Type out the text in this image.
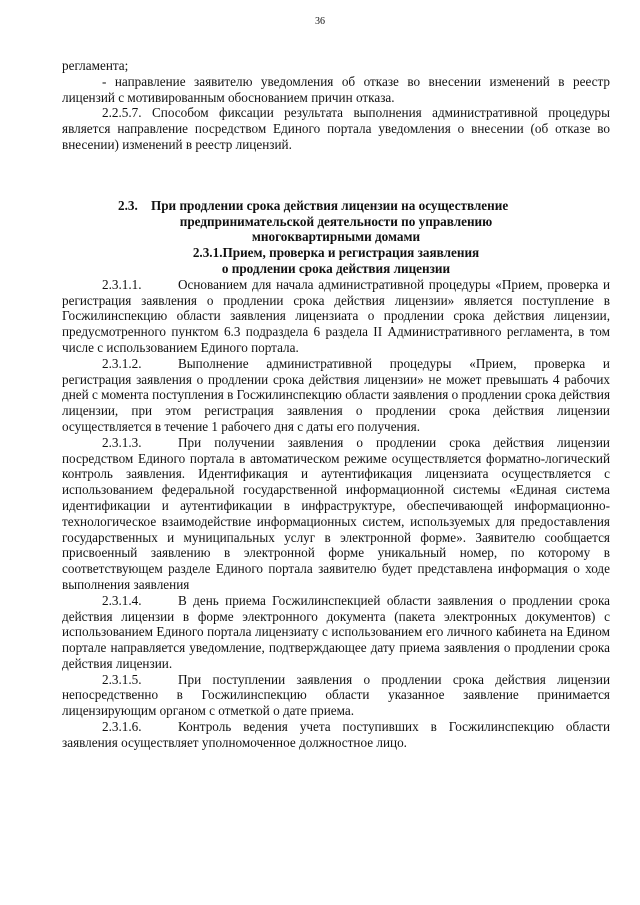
36

регламента;

- направление заявителю уведомления об отказе во внесении изменений в реестр лицензий с мотивированным обоснованием причин отказа.

2.2.5.7. Способом фиксации результата выполнения административной процедуры является направление посредством Единого портала уведомления о внесении (об отказе во внесении) изменений в реестр лицензий.

2.3. При продлении срока действия лицензии на осуществление
предпринимательской деятельности по управлению
многоквартирными домами
2.3.1.Прием, проверка и регистрация заявления
о продлении срока действия лицензии

2.3.1.1.	Основанием для начала административной процедуры «Прием, проверка и регистрация заявления о продлении срока действия лицензии» является поступление в Госжилинспекцию области заявления лицензиата о продлении срока действия лицензии, предусмотренного пунктом 6.3 подраздела 6 раздела II Административного регламента, в том числе с использованием Единого портала.

2.3.1.2.	Выполнение административной процедуры «Прием, проверка и регистрация заявления о продлении срока действия лицензии» не может превышать 4 рабочих дней с момента поступления в Госжилинспекцию области заявления о продлении срока действия лицензии, при этом регистрация заявления о продлении срока действия лицензии осуществляется в течение 1 рабочего дня с даты его получения.

2.3.1.3.	При получении заявления о продлении срока действия лицензии посредством Единого портала в автоматическом режиме осуществляется форматно-логический контроль заявления. Идентификация и аутентификация лицензиата осуществляется с использованием федеральной государственной информационной системы «Единая система идентификации и аутентификации в инфраструктуре, обеспечивающей информационно-технологическое взаимодействие информационных систем, используемых для предоставления государственных и муниципальных услуг в электронной форме». Заявителю сообщается присвоенный заявлению в электронной форме уникальный номер, по которому в соответствующем разделе Единого портала заявителю будет представлена информация о ходе выполнения заявления

2.3.1.4.	В день приема Госжилинспекцией области заявления о продлении срока действия лицензии в форме электронного документа (пакета электронных документов) с использованием Единого портала лицензиату с использованием его личного кабинета на Едином портале направляется уведомление, подтверждающее дату приема заявления о продлении срока действия лицензии.

2.3.1.5.	При поступлении заявления о продлении срока действия лицензии непосредственно в Госжилинспекцию области указанное заявление принимается лицензирующим органом с отметкой о дате приема.

2.3.1.6.	Контроль ведения учета поступивших в Госжилинспекцию области заявления осуществляет уполномоченное должностное лицо.
